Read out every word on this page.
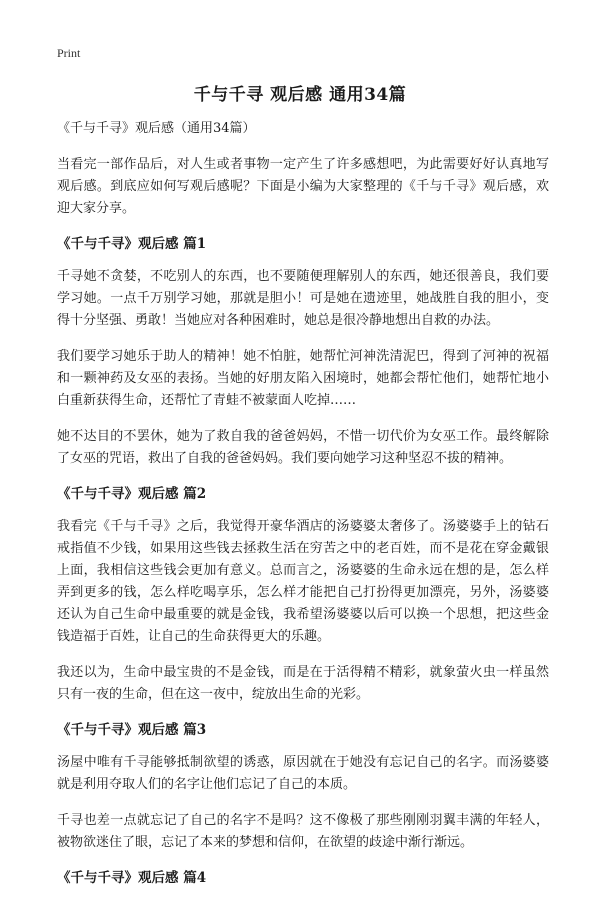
Print
千与千寻 观后感 通用34篇

《千与千寻》观后感（通用34篇）

当看完一部作品后，对人生或者事物一定产生了许多感想吧，为此需要好好认真地写观后感。到底应如何写观后感呢？下面是小编为大家整理的《千与千寻》观后感，欢迎大家分享。

《千与千寻》观后感 篇1

千寻她不贪婪，不吃别人的东西，也不要随便理解别人的东西，她还很善良，我们要学习她。一点千万别学习她，那就是胆小！可是她在遗迹里，她战胜自我的胆小，变得十分坚强、勇敢！当她应对各种困难时，她总是很冷静地想出自救的办法。

我们要学习她乐于助人的精神！她不怕脏，她帮忙河神洗清泥巴，得到了河神的祝福和一颗神药及女巫的表扬。当她的好朋友陷入困境时，她都会帮忙他们，她帮忙地小白重新获得生命，还帮忙了青蛙不被蒙面人吃掉……

她不达目的不罢休，她为了救自我的爸爸妈妈，不惜一切代价为女巫工作。最终解除了女巫的咒语，救出了自我的爸爸妈妈。我们要向她学习这种坚忍不拔的精神。

《千与千寻》观后感 篇2

我看完《千与千寻》之后，我觉得开豪华酒店的汤婆婆太奢侈了。汤婆婆手上的钻石戒指值不少钱，如果用这些钱去拯救生活在穷苦之中的老百姓，而不是花在穿金戴银上面，我相信这些钱会更加有意义。总而言之，汤婆婆的生命永远在想的是，怎么样弄到更多的钱，怎么样吃喝享乐，怎么样才能把自己打扮得更加漂亮，另外，汤婆婆还认为自己生命中最重要的就是金钱，我希望汤婆婆以后可以换一个思想，把这些金钱造福于百姓，让自己的生命获得更大的乐趣。

我还以为，生命中最宝贵的不是金钱，而是在于活得精不精彩，就象萤火虫一样虽然只有一夜的生命，但在这一夜中，绽放出生命的光彩。

《千与千寻》观后感 篇3

汤屋中唯有千寻能够抵制欲望的诱惑，原因就在于她没有忘记自己的名字。而汤婆婆就是利用夺取人们的名字让他们忘记了自己的本质。

千寻也差一点就忘记了自己的名字不是吗？这不像极了那些刚刚羽翼丰满的年轻人，被物欲迷住了眼，忘记了本来的梦想和信仰，在欲望的歧途中渐行渐远。

《千与千寻》观后感 篇4
